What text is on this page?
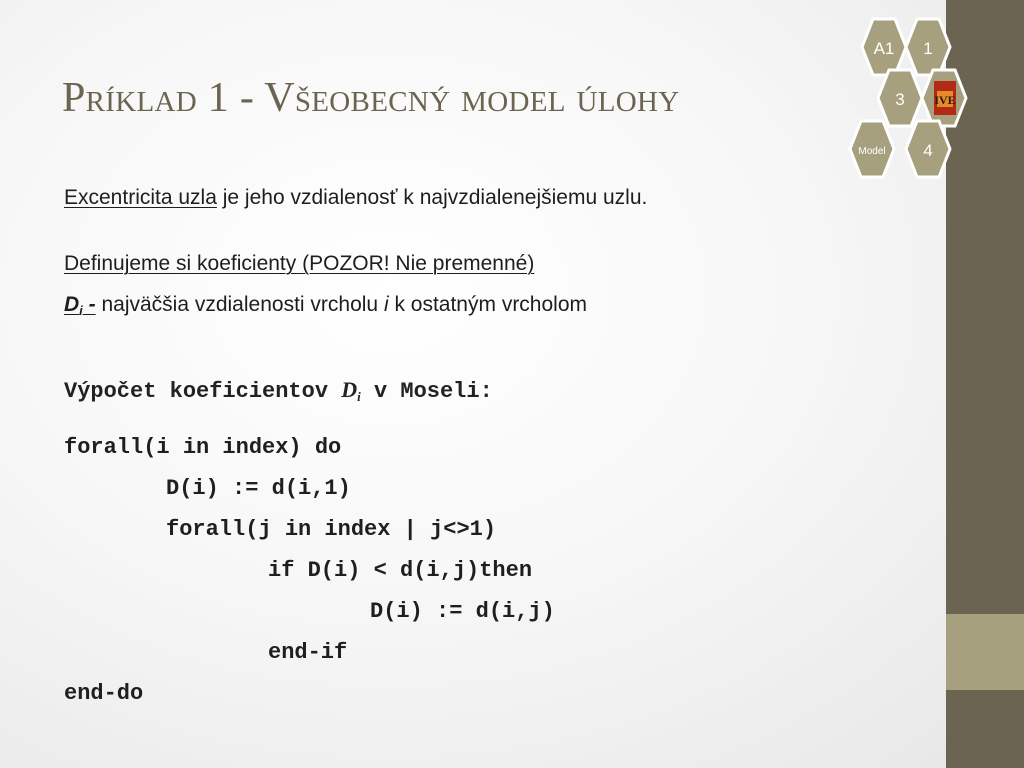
Príklad 1 - Všeobecný model úlohy
A1 1
3 IVE
Model 4
Excentricita uzla je jeho vzdialenosť k najvzdialenejšiemu uzlu.
Definujeme si koeficienty (POZOR! Nie premenné)
$D_i$ - najväčšia vzdialenosti vrcholu i k ostatným vrcholom
Výpočet koeficientov $D_i$ v Moseli:
forall(i in index) do
D(i) := d(i,1)
forall(j in index | j<>1)
if D(i) < d(i,j)then
D(i) := d(i,j)
end-if
end-do
